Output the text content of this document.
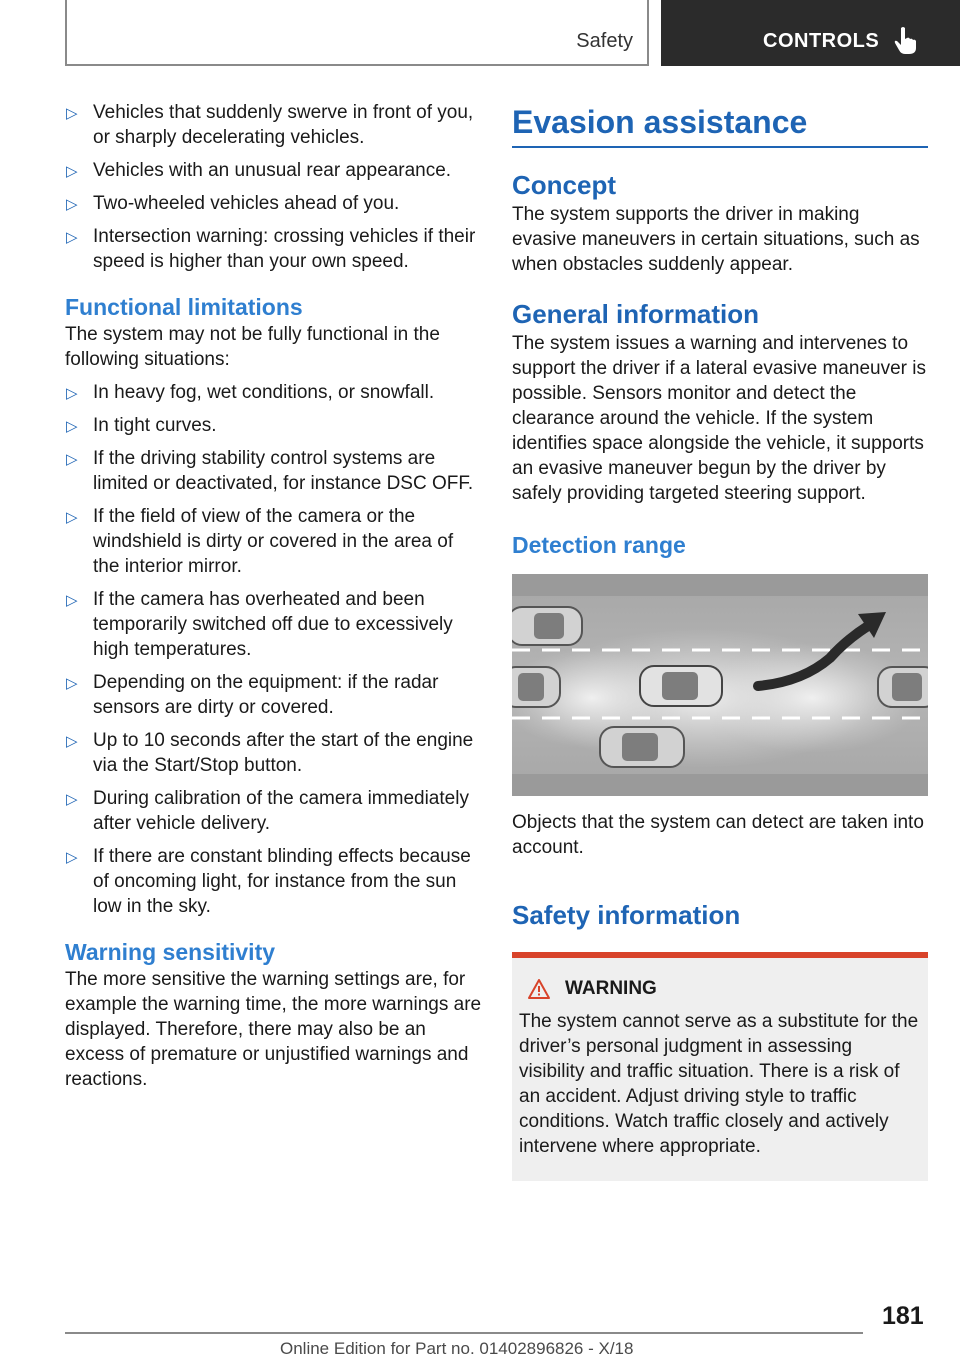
Safety	CONTROLS
▷ Vehicles that suddenly swerve in front of you, or sharply decelerating vehicles.
▷ Vehicles with an unusual rear appearance.
▷ Two-wheeled vehicles ahead of you.
▷ Intersection warning: crossing vehicles if their speed is higher than your own speed.
Functional limitations

The system may not be fully functional in the following situations:

▷ In heavy fog, wet conditions, or snowfall.
▷ In tight curves.
▷ If the driving stability control systems are limited or deactivated, for instance DSC OFF.
▷ If the field of view of the camera or the windshield is dirty or covered in the area of the interior mirror.
▷ If the camera has overheated and been temporarily switched off due to excessively high temperatures.
▷ Depending on the equipment: if the radar sensors are dirty or covered.
▷ Up to 10 seconds after the start of the engine via the Start/Stop button.
▷ During calibration of the camera immediately after vehicle delivery.
▷ If there are constant blinding effects because of oncoming light, for instance from the sun low in the sky.
Warning sensitivity

The more sensitive the warning settings are, for example the warning time, the more warnings are displayed. Therefore, there may also be an excess of premature or unjustified warnings and reactions.

Evasion assistance
Concept

The system supports the driver in making evasive maneuvers in certain situations, such as when obstacles suddenly appear.

General information

The system issues a warning and intervenes to support the driver if a lateral evasive maneuver is possible. Sensors monitor and detect the clearance around the vehicle. If the system identifies space alongside the vehicle, it supports an evasive maneuver begun by the driver by safely providing targeted steering support.

Detection range

Objects that the system can detect are taken into account.

Safety information
WARNING

The system cannot serve as a substitute for the driver’s personal judgment in assessing visibility and traffic situation. There is a risk of an accident. Adjust driving style to traffic conditions. Watch traffic closely and actively intervene where appropriate.

181
Online Edition for Part no. 01402896826 - X/18
